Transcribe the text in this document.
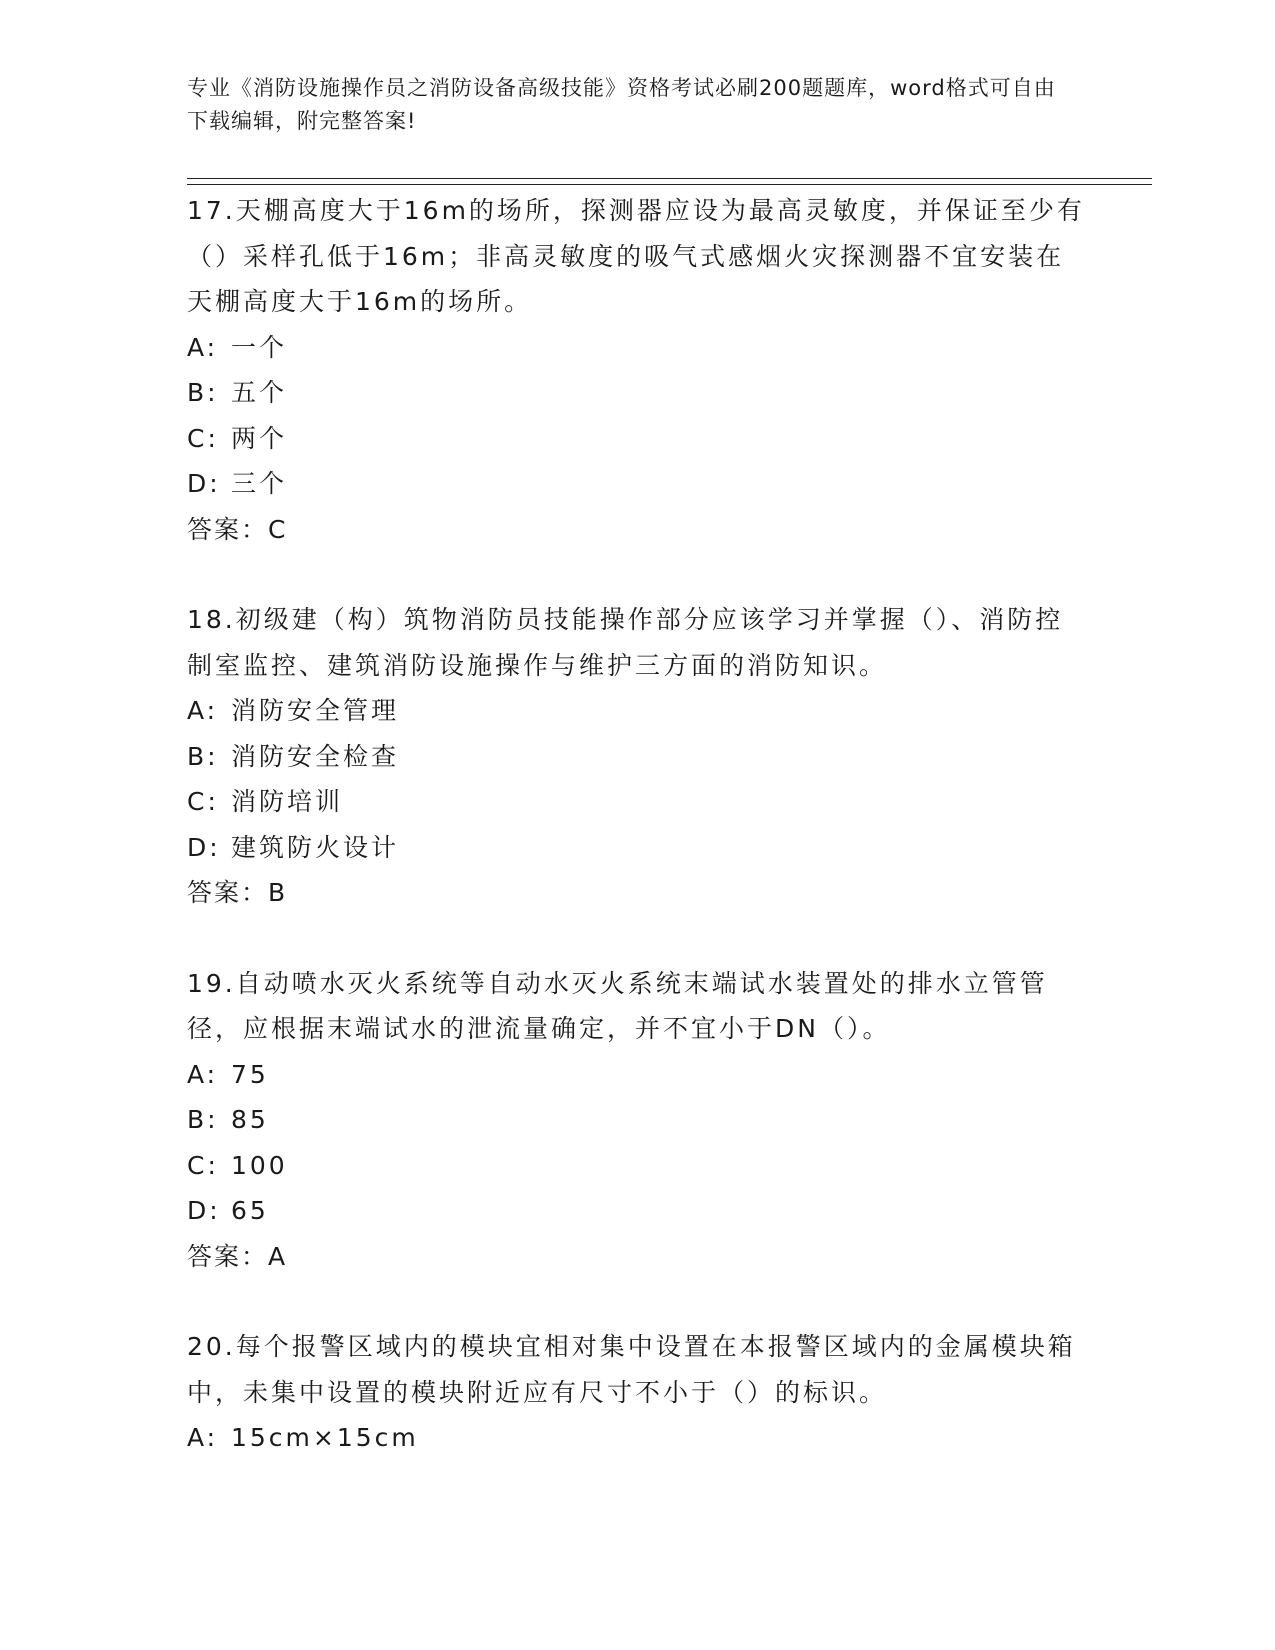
专业《消防设施操作员之消防设备高级技能》资格考试必刷200题题库，word格式可自由下载编辑，附完整答案!
17.天棚高度大于16m的场所，探测器应设为最高灵敏度，并保证至少有（）采样孔低于16m；非高灵敏度的吸气式感烟火灾探测器不宜安装在天棚高度大于16m的场所。
A: 一个
B: 五个
C: 两个
D: 三个
答案：C
18.初级建（构）筑物消防员技能操作部分应该学习并掌握（）、消防控制室监控、建筑消防设施操作与维护三方面的消防知识。
A: 消防安全管理
B: 消防安全检查
C: 消防培训
D: 建筑防火设计
答案：B
19.自动喷水灭火系统等自动水灭火系统末端试水装置处的排水立管管径，应根据末端试水的泄流量确定，并不宜小于DN（）。
A: 75
B: 85
C: 100
D: 65
答案：A
20.每个报警区域内的模块宜相对集中设置在本报警区域内的金属模块箱中，未集中设置的模块附近应有尺寸不小于（）的标识。
A: 15cm×15cm
